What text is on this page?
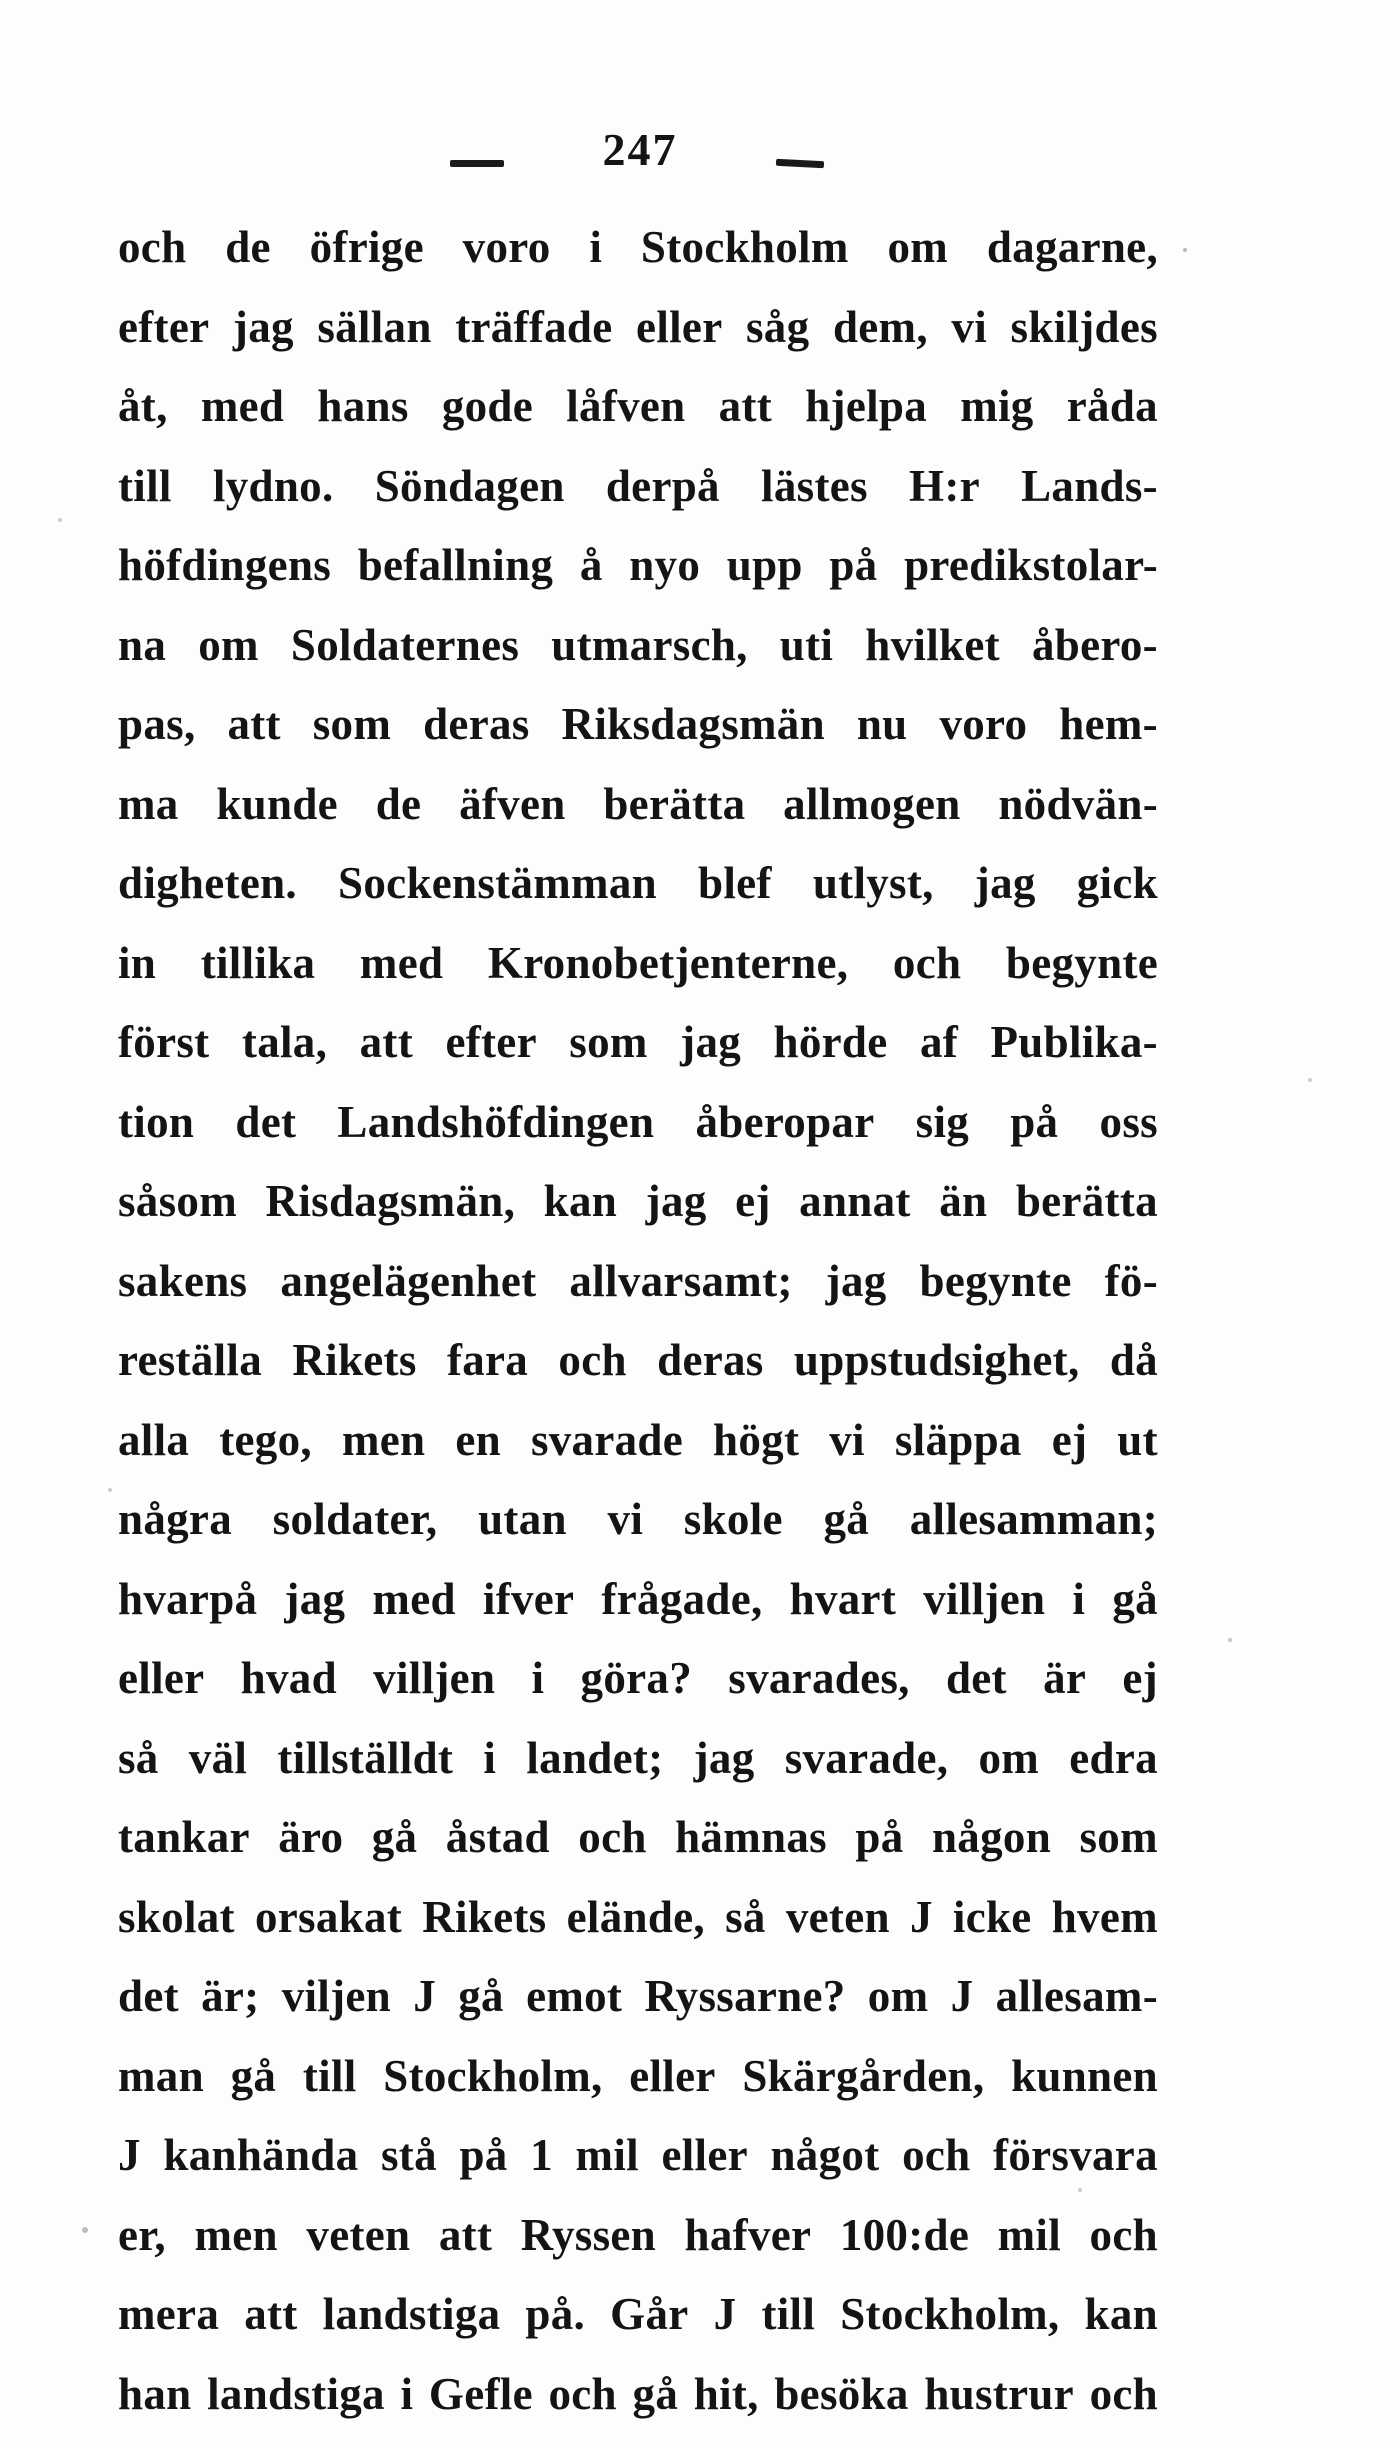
247
och de öfrige voro i Stockholm om dagarne,
efter jag sällan träffade eller såg dem, vi skiljdes
åt, med hans gode låfven att hjelpa mig råda
till lydno. Söndagen derpå lästes H:r Lands-
höfdingens befallning å nyo upp på predikstolar-
na om Soldaternes utmarsch, uti hvilket åbero-
pas, att som deras Riksdagsmän nu voro hem-
ma kunde de äfven berätta allmogen nödvän-
digheten. Sockenstämman blef utlyst, jag gick
in tillika med Kronobetjenterne, och begynte
först tala, att efter som jag hörde af Publika-
tion det Landshöfdingen åberopar sig på oss
såsom Risdagsmän, kan jag ej annat än berätta
sakens angelägenhet allvarsamt; jag begynte fö-
reställa Rikets fara och deras uppstudsighet, då
alla tego, men en svarade högt vi släppa ej ut
några soldater, utan vi skole gå allesamman;
hvarpå jag med ifver frågade, hvart villjen i gå
eller hvad villjen i göra? svarades, det är ej
så väl tillställdt i landet; jag svarade, om edra
tankar äro gå åstad och hämnas på någon som
skolat orsakat Rikets elände, så veten J icke hvem
det är; viljen J gå emot Ryssarne? om J allesam-
man gå till Stockholm, eller Skärgården, kunnen
J kanhända stå på 1 mil eller något och försvara
er, men veten att Ryssen hafver 100:de mil och
mera att landstiga på. Går J till Stockholm, kan
han landstiga i Gefle och gå hit, besöka hustrur och
